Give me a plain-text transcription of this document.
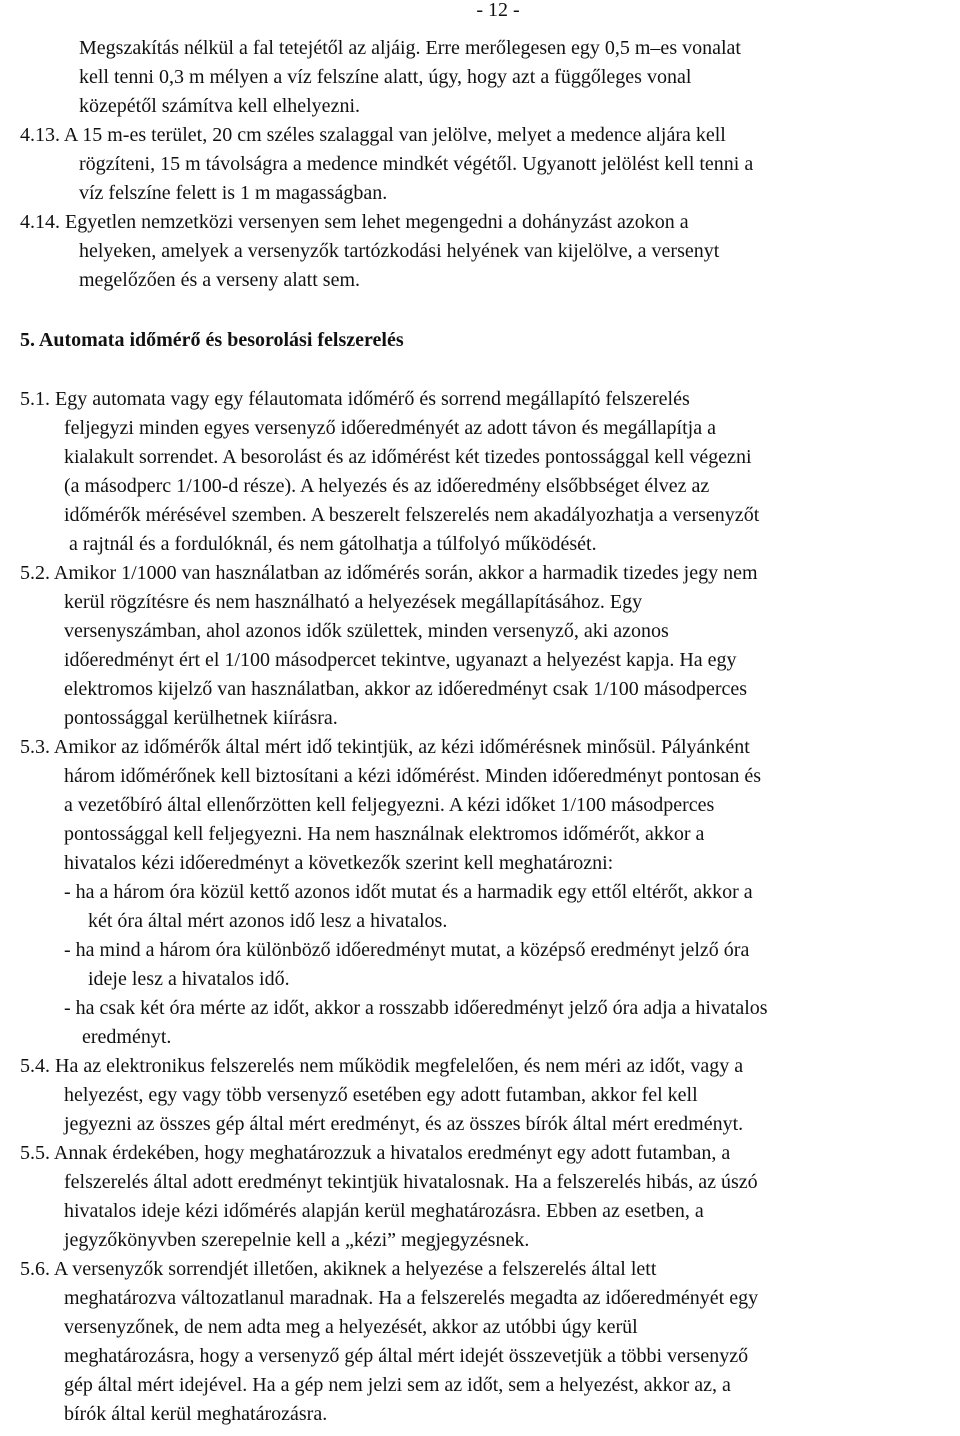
- 12 -
Megszakítás nélkül a fal tetejétől az aljáig. Erre merőlegesen egy 0,5 m–es vonalat
kell tenni 0,3 m mélyen a víz felszíne alatt, úgy, hogy azt a függőleges vonal
közepétől számítva kell elhelyezni.
4.13. A 15 m-es terület, 20 cm széles szalaggal van jelölve, melyet a medence aljára kell
rögzíteni, 15 m távolságra a medence mindkét végétől. Ugyanott jelölést kell tenni a
víz felszíne felett is 1 m magasságban.
4.14. Egyetlen nemzetközi versenyen sem lehet megengedni a dohányzást azokon a
helyeken, amelyek a versenyzők tartózkodási helyének van kijelölve, a versenyt
megelőzően és a verseny alatt sem.
5. Automata időmérő és besorolási felszerelés
5.1. Egy automata vagy egy félautomata időmérő és sorrend megállapító felszerelés
feljegyzi minden egyes versenyző időeredményét az adott távon és megállapítja a
kialakult sorrendet. A besorolást és az időmérést két tizedes pontossággal kell végezni
(a másodperc 1/100-d része). A helyezés és az időeredmény elsőbbséget élvez az
időmérők mérésével szemben. A beszerelt felszerelés nem akadályozhatja a versenyzőt
a rajtnál és a fordulóknál, és nem gátolhatja a túlfolyó működését.
5.2. Amikor 1/1000 van használatban az időmérés során, akkor a harmadik tizedes jegy nem
kerül rögzítésre és nem használható a helyezések megállapításához. Egy
versenyszámban, ahol azonos idők születtek, minden versenyző, aki azonos
időeredményt ért el 1/100 másodpercet tekintve, ugyanazt a helyezést kapja. Ha egy
elektromos kijelző van használatban, akkor az időeredményt csak 1/100 másodperces
pontossággal kerülhetnek kiírásra.
5.3. Amikor az időmérők által mért idő tekintjük, az kézi időmérésnek minősül. Pályánként
három időmérőnek kell biztosítani a kézi időmérést. Minden időeredményt pontosan és
a vezetőbíró által ellenőrzötten kell feljegyezni. A kézi időket 1/100 másodperces
pontossággal kell feljegyezni. Ha nem használnak elektromos időmérőt, akkor a
hivatalos kézi időeredményt a következők szerint kell meghatározni:
- ha a három óra közül kettő azonos időt mutat és a harmadik egy ettől eltérőt, akkor a
két óra által mért azonos idő lesz a hivatalos.
- ha mind a három óra különböző időeredményt mutat, a középső eredményt jelző óra
ideje lesz a hivatalos idő.
- ha csak két óra mérte az időt, akkor a rosszabb időeredményt jelző óra adja a hivatalos
eredményt.
5.4. Ha az elektronikus felszerelés nem működik megfelelően, és nem méri az időt, vagy a
helyezést, egy vagy több versenyző esetében egy adott futamban, akkor fel kell
jegyezni az összes gép által mért eredményt, és az összes bírók által mért eredményt.
5.5. Annak érdekében, hogy meghatározzuk a hivatalos eredményt egy adott futamban, a
felszerelés által adott eredményt tekintjük hivatalosnak. Ha a felszerelés hibás, az úszó
hivatalos ideje kézi időmérés alapján kerül meghatározásra. Ebben az esetben, a
jegyzőkönyvben szerepelnie kell a „kézi” megjegyzésnek.
5.6. A versenyzők sorrendjét illetően, akiknek a helyezése a felszerelés által lett
meghatározva változatlanul maradnak. Ha a felszerelés megadta az időeredményét egy
versenyzőnek, de nem adta meg a helyezését, akkor az utóbbi úgy kerül
meghatározásra, hogy a versenyző gép által mért idejét összevetjük a többi versenyző
gép által mért idejével. Ha a gép nem jelzi sem az időt, sem a helyezést, akkor az, a
bírók által kerül meghatározásra.
